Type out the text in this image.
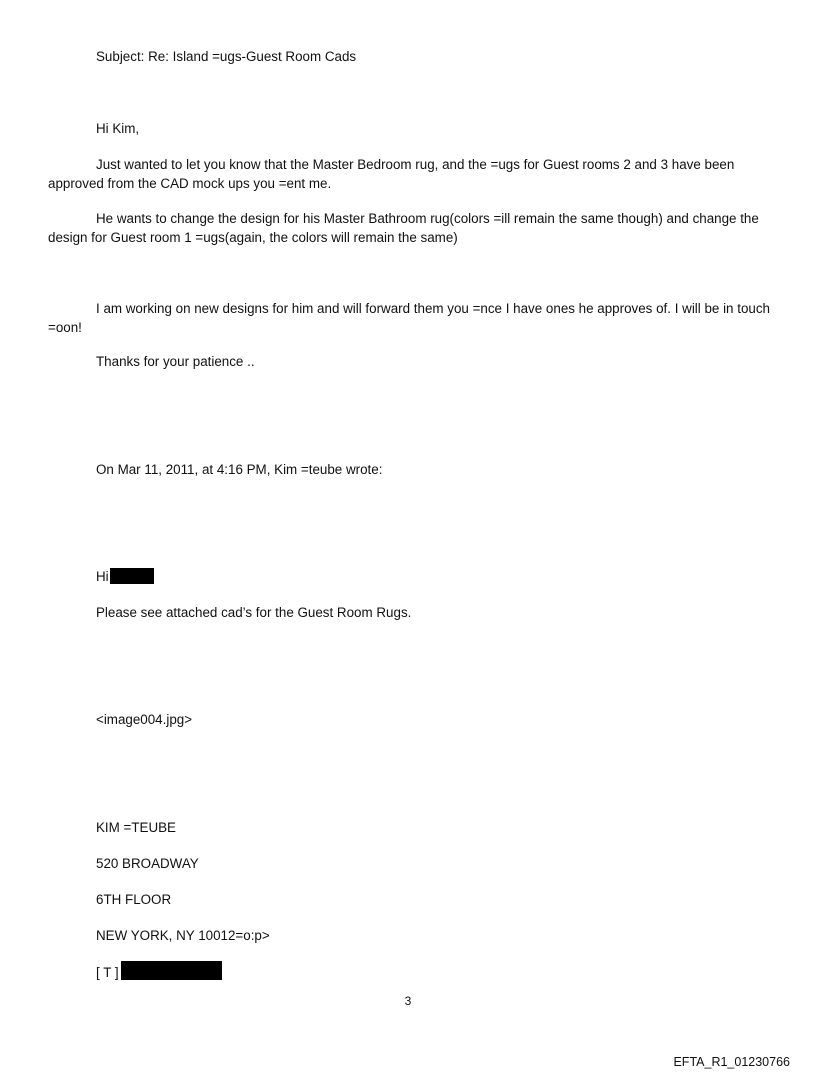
Subject: Re: Island =ugs-Guest Room Cads
Hi Kim,
Just wanted to let you know that the Master Bedroom rug, and the =ugs for Guest rooms 2 and 3 have been approved from the CAD mock ups you =ent me.
He wants to change the design for his Master Bathroom rug(colors =ill remain the same though) and change the design for Guest room 1 =ugs(again, the colors will remain the same)
I am working on new designs for him and will forward them you =nce I have ones he approves of. I will be in touch =oon!
Thanks for your patience ..
On Mar 11, 2011, at 4:16 PM, Kim =teube wrote:
Hi
Please see attached cad’s for the Guest Room Rugs.
<image004.jpg>
KIM =TEUBE
520 BROADWAY
6TH FLOOR
NEW YORK, NY 10012=o:p>
[ T ]
3
EFTA_R1_01230766
